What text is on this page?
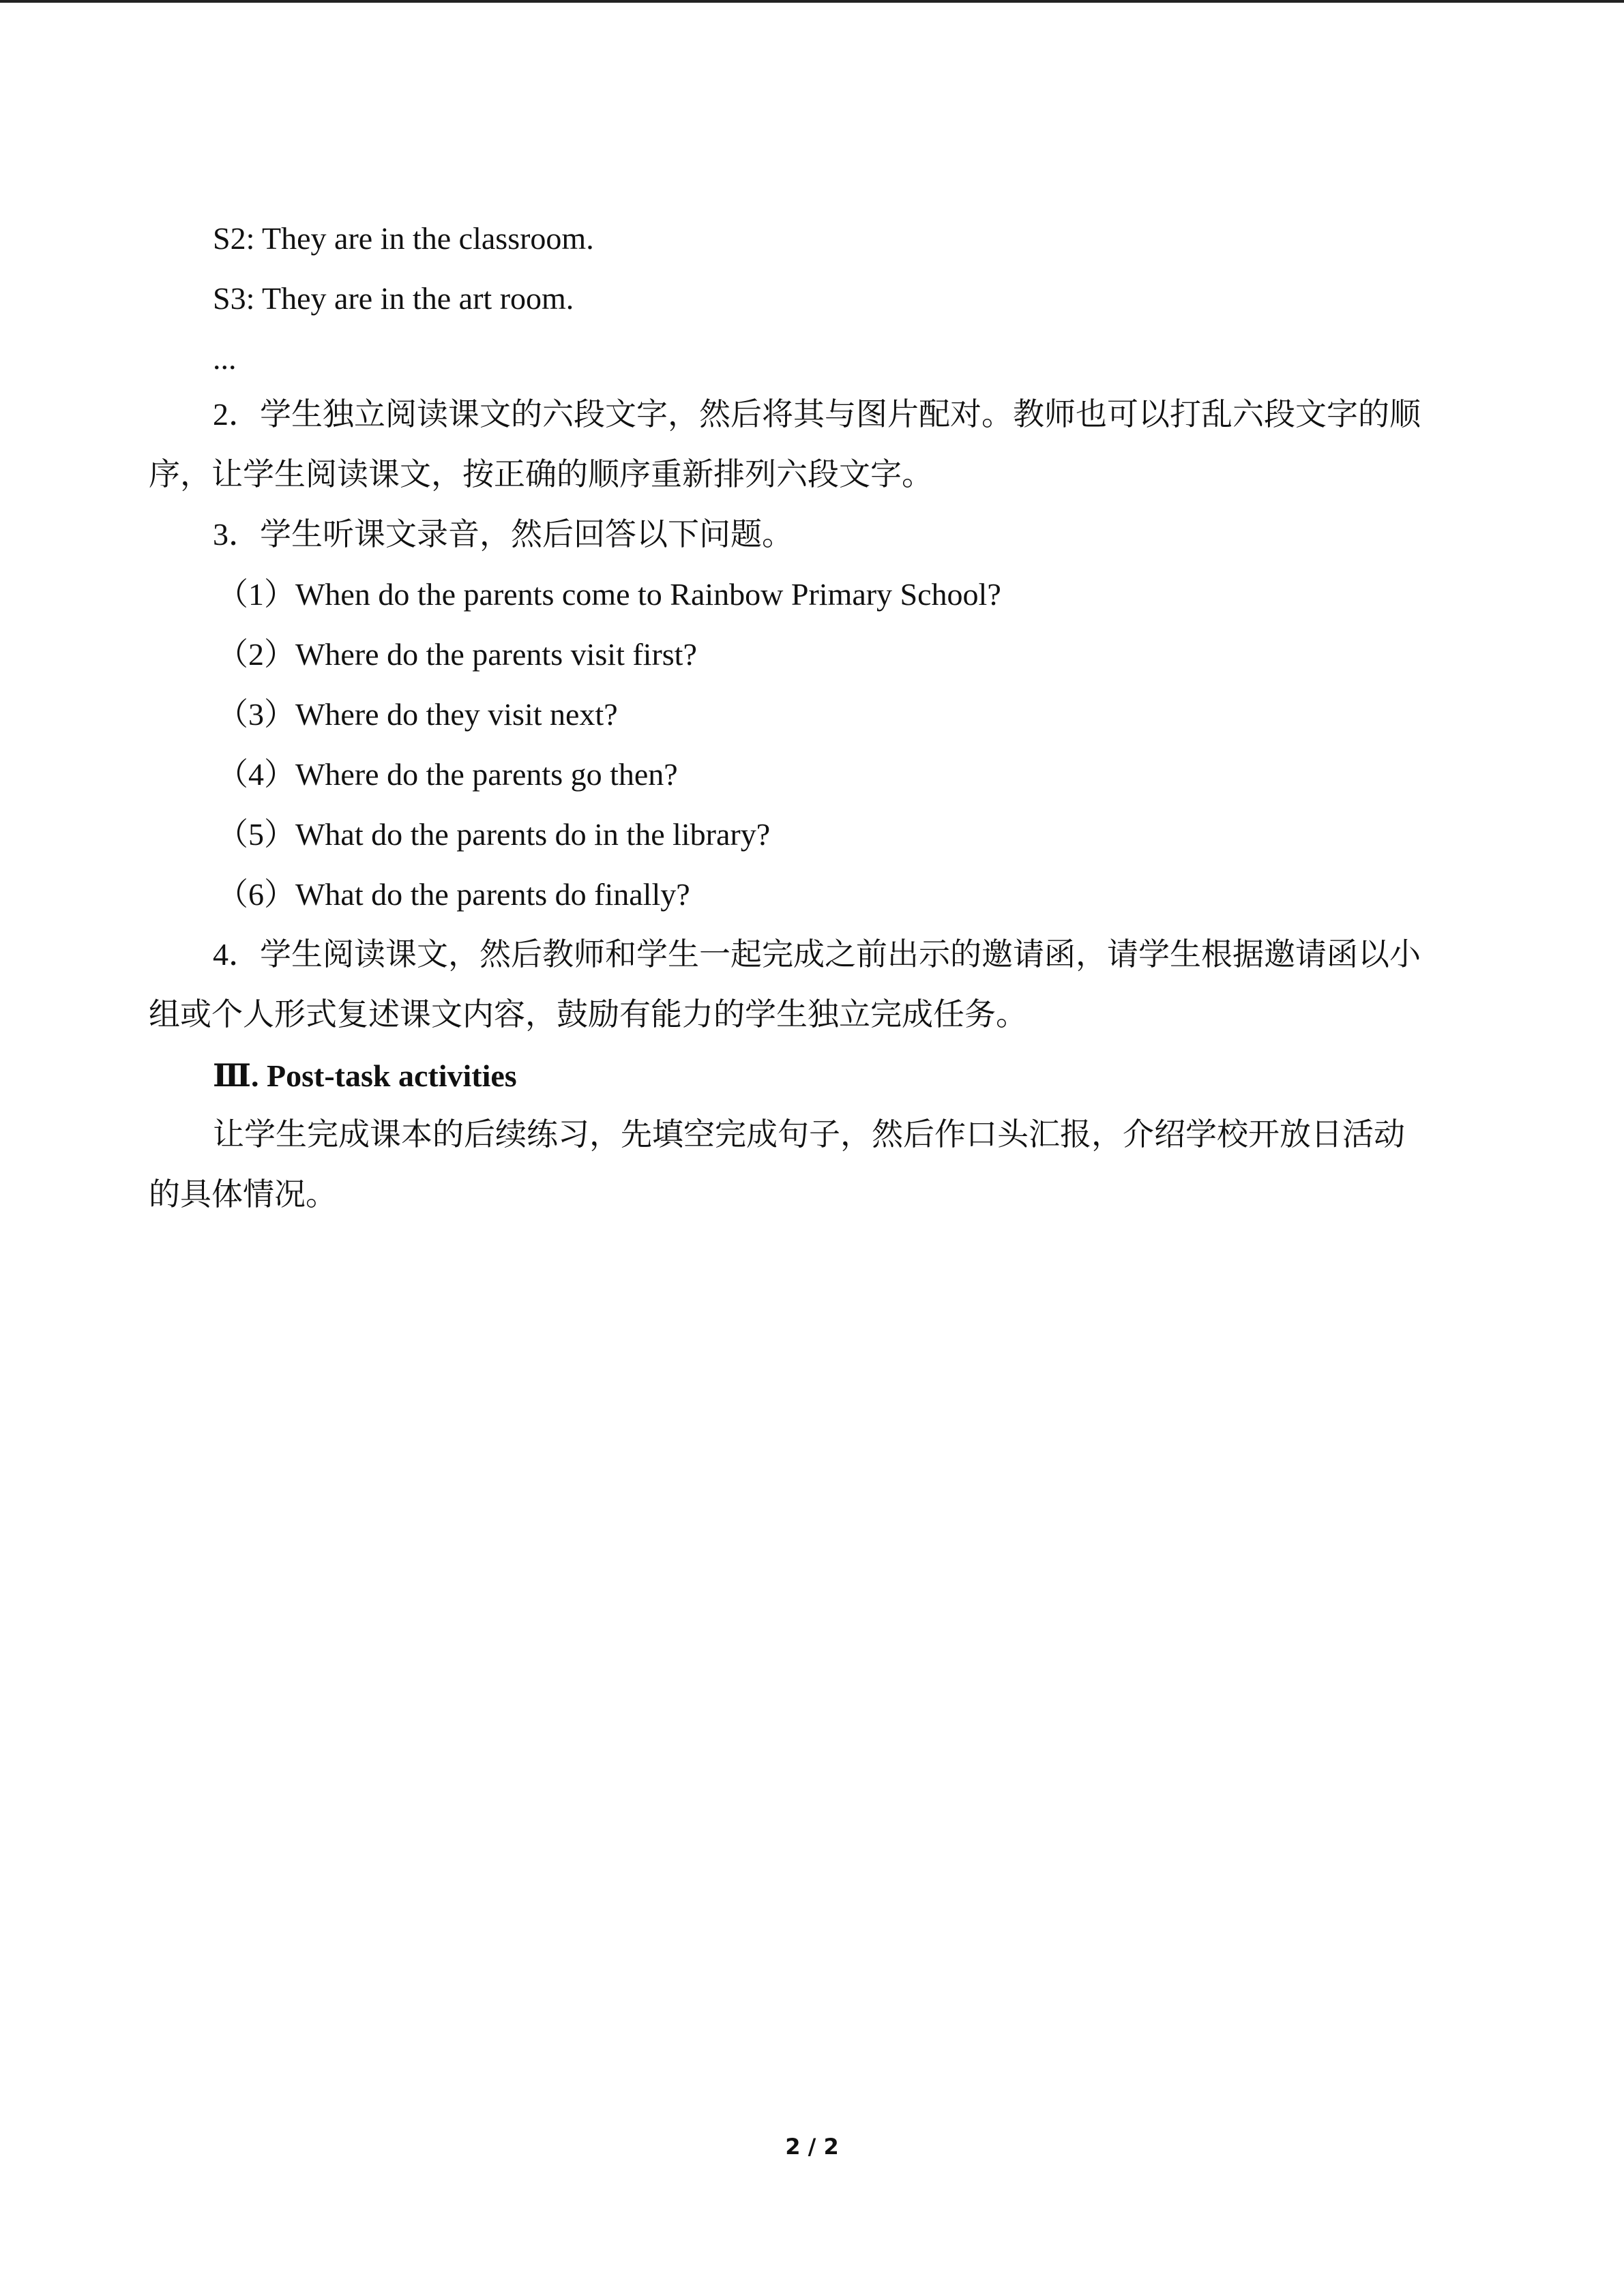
S2: They are in the classroom.
S3: They are in the art room.
...
2．学生独立阅读课文的六段文字，然后将其与图片配对。教师也可以打乱六段文字的顺
序，让学生阅读课文，按正确的顺序重新排列六段文字。
3．学生听课文录音，然后回答以下问题。
（1）When do the parents come to Rainbow Primary School?
（2）Where do the parents visit first?
（3）Where do they visit next?
（4）Where do the parents go then?
（5）What do the parents do in the library?
（6）What do the parents do finally?
4．学生阅读课文，然后教师和学生一起完成之前出示的邀请函，请学生根据邀请函以小
组或个人形式复述课文内容，鼓励有能力的学生独立完成任务。
Ⅲ. Post-task activities
让学生完成课本的后续练习，先填空完成句子，然后作口头汇报，介绍学校开放日活动
的具体情况。
2 / 2
